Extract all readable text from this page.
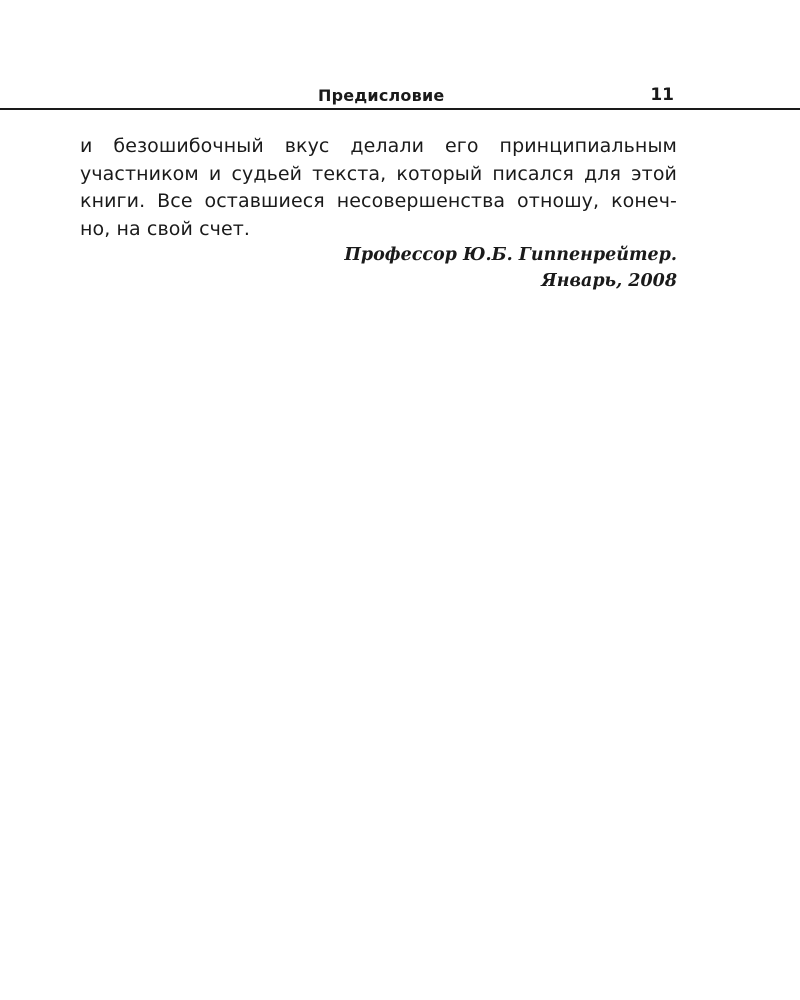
Предисловие	11

и безошибочный вкус делали его принципиальным
участником и судьей текста, который писался для этой
книги. Все оставшиеся несовершенства отношу, конеч-
но, на свой счет.

Профессор Ю.Б. Гиппенрейтер.
Январь, 2008
